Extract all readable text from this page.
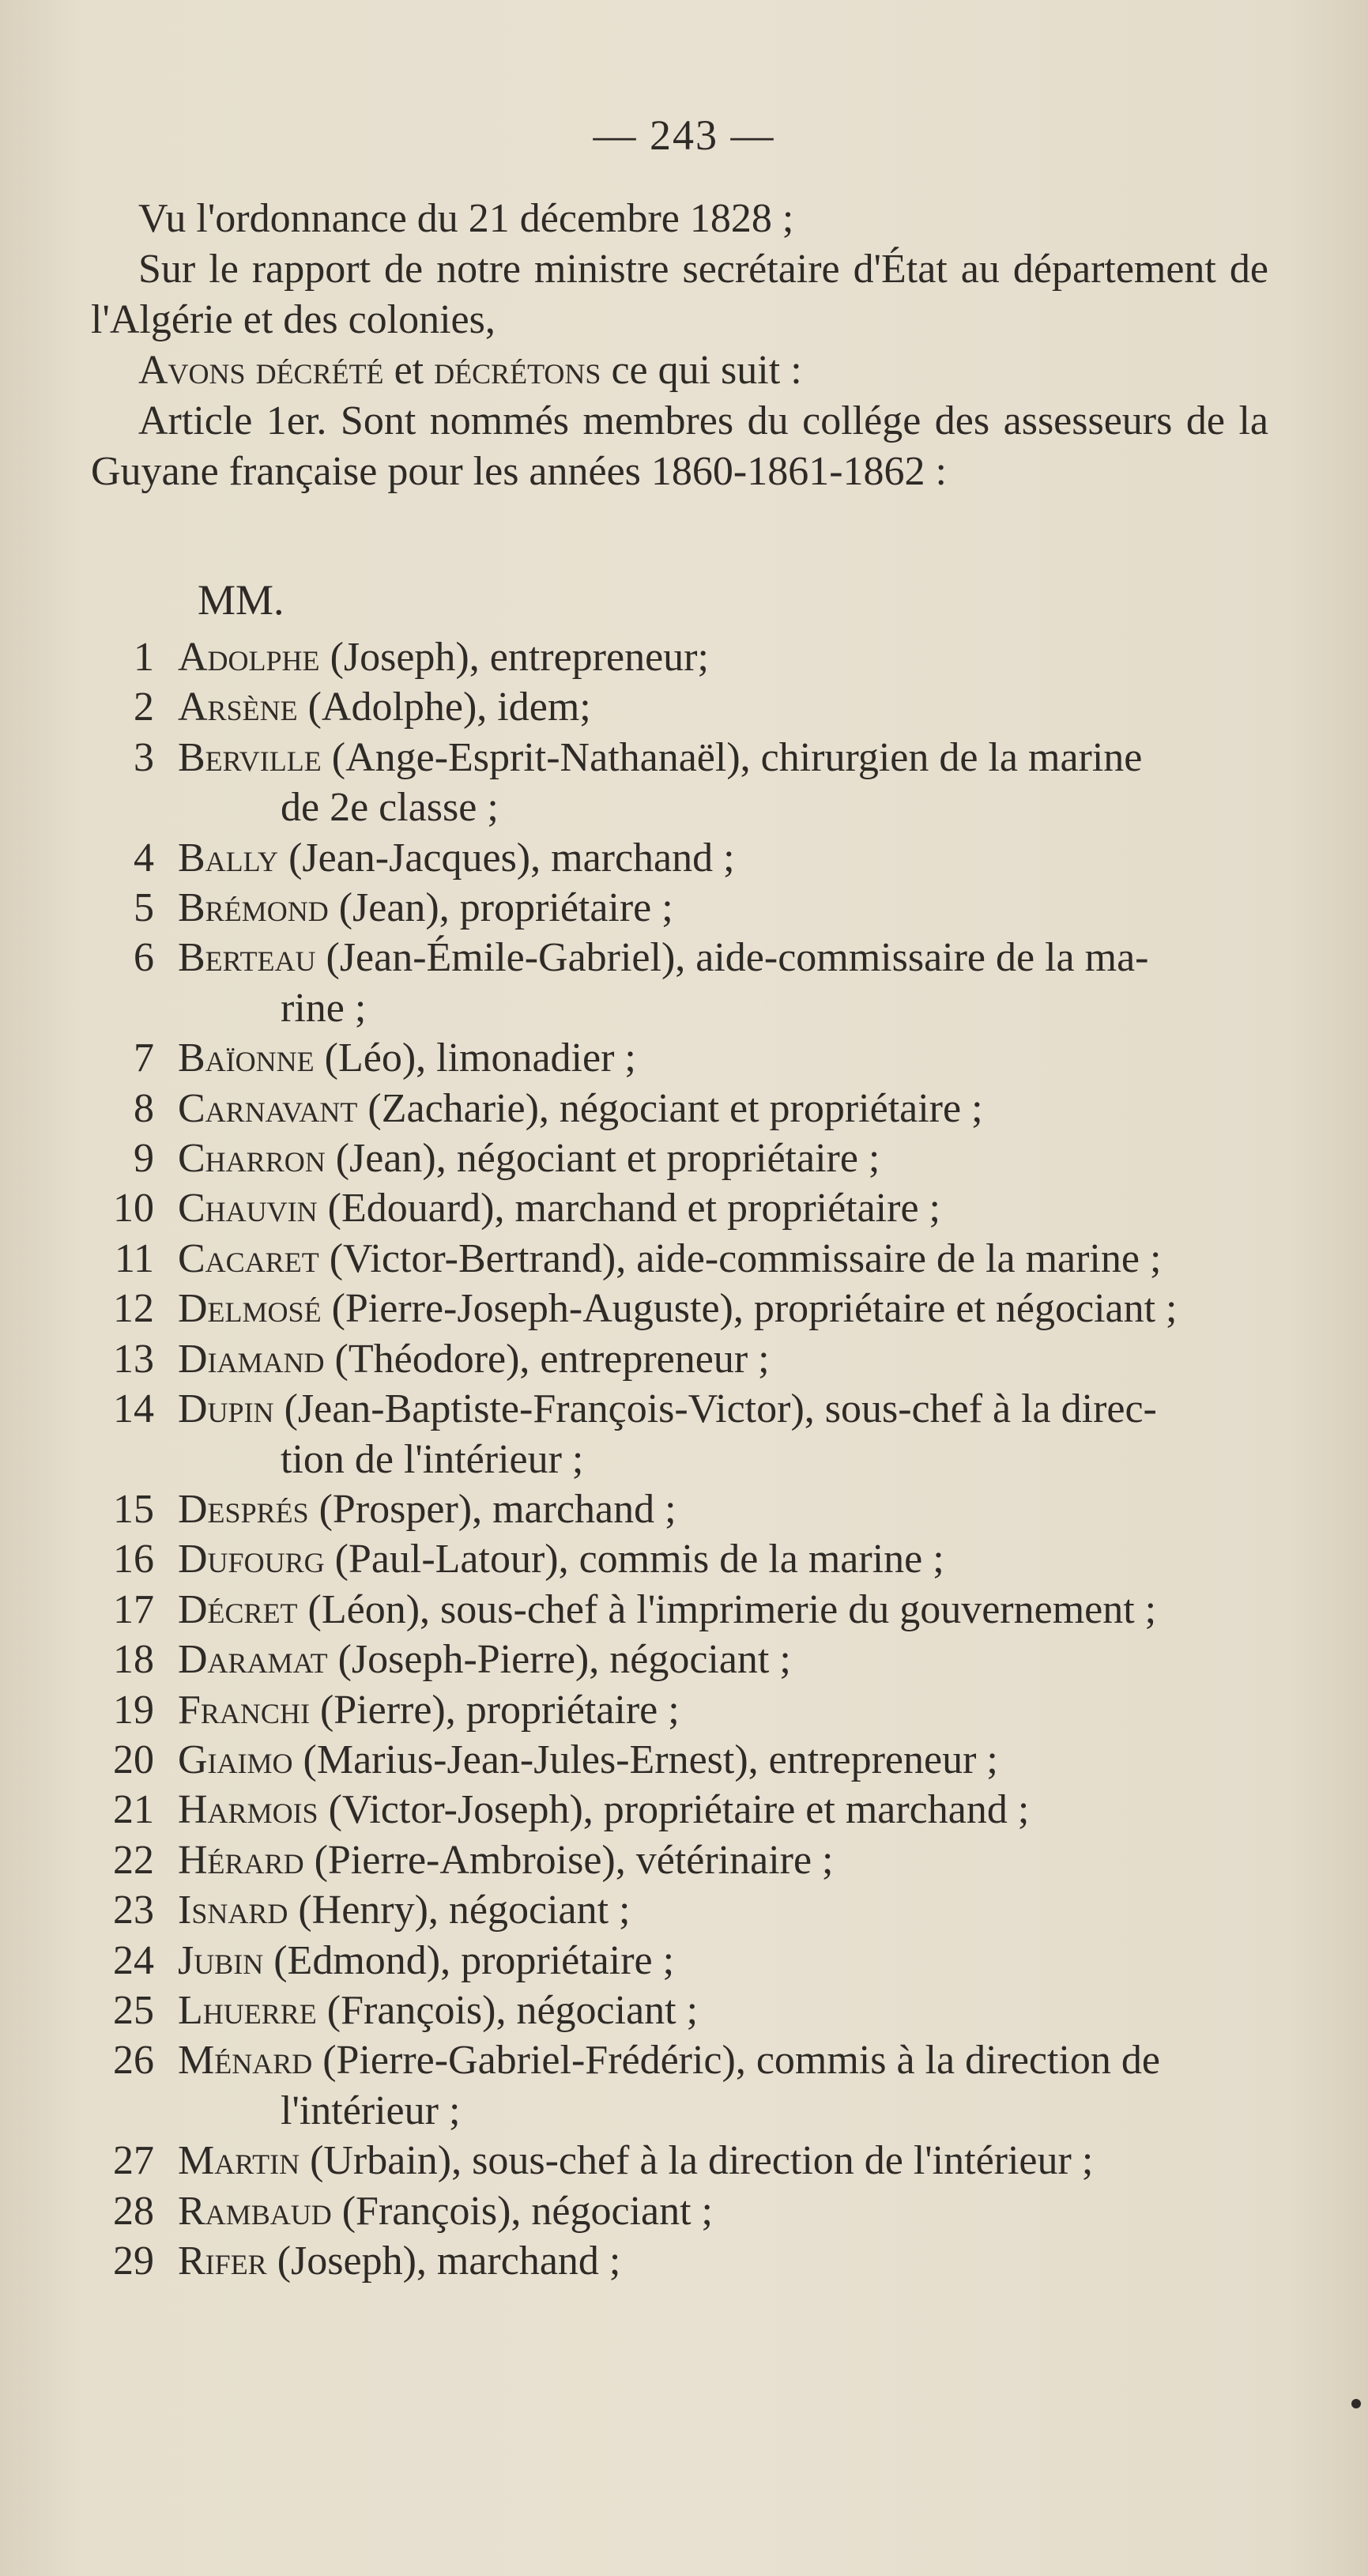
— 243 —

Vu l'ordonnance du 21 décembre 1828 ;

Sur le rapport de notre ministre secrétaire d'État au département de l'Algérie et des colonies,

Avons décrété et décrétons ce qui suit :

Article 1er. Sont nommés membres du collége des assesseurs de la Guyane française pour les années 1860-1861-1862 :

MM.
1 Adolphe (Joseph), entrepreneur;
2 Arsène (Adolphe), idem;
3 Berville (Ange-Esprit-Nathanaël), chirurgien de la marine
de 2e classe ;
4 Bally (Jean-Jacques), marchand ;
5 Brémond (Jean), propriétaire ;
6 Berteau (Jean-Émile-Gabriel), aide-commissaire de la ma-
rine ;
7 Baïonne (Léo), limonadier ;
8 Carnavant (Zacharie), négociant et propriétaire ;
9 Charron (Jean), négociant et propriétaire ;
10 Chauvin (Edouard), marchand et propriétaire ;
11 Cacaret (Victor-Bertrand), aide-commissaire de la marine ;
12 Delmosé (Pierre-Joseph-Auguste), propriétaire et négociant ;
13 Diamand (Théodore), entrepreneur ;
14 Dupin (Jean-Baptiste-François-Victor), sous-chef à la direc-
tion de l'intérieur ;
15 Després (Prosper), marchand ;
16 Dufourg (Paul-Latour), commis de la marine ;
17 Décret (Léon), sous-chef à l'imprimerie du gouvernement ;
18 Daramat (Joseph-Pierre), négociant ;
19 Franchi (Pierre), propriétaire ;
20 Giaimo (Marius-Jean-Jules-Ernest), entrepreneur ;
21 Harmois (Victor-Joseph), propriétaire et marchand ;
22 Hérard (Pierre-Ambroise), vétérinaire ;
23 Isnard (Henry), négociant ;
24 Jubin (Edmond), propriétaire ;
25 Lhuerre (François), négociant ;
26 Ménard (Pierre-Gabriel-Frédéric), commis à la direction de
l'intérieur ;
27 Martin (Urbain), sous-chef à la direction de l'intérieur ;
28 Rambaud (François), négociant ;
29 Rifer (Joseph), marchand ;
